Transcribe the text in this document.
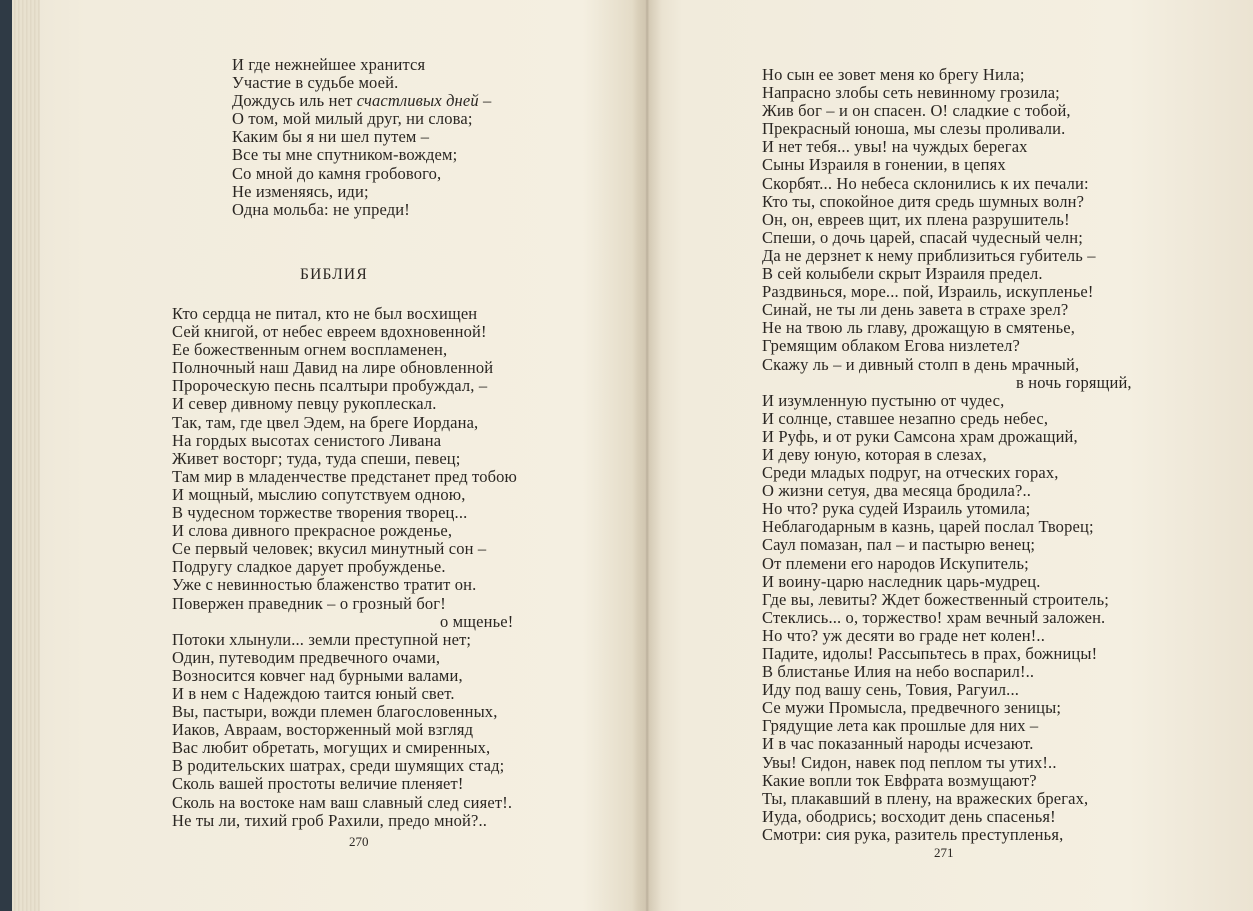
И где нежнейшее хранится
Участие в судьбе моей.
Дождусь иль нет счастливых дней –
О том, мой милый друг, ни слова;
Каким бы я ни шел путем –
Все ты мне спутником-вождем;
Со мной до камня гробового,
Не изменяясь, иди;
Одна мольба: не упреди!
БИБЛИЯ
Кто сердца не питал, кто не был восхищен
Сей книгой, от небес евреем вдохновенной!
Ее божественным огнем воспламенен,
Полночный наш Давид на лире обновленной
Пророческую песнь псалтыри пробуждал, –
И север дивному певцу рукоплескал.
Так, там, где цвел Эдем, на бреге Иордана,
На гордых высотах сенистого Ливана
Живет восторг; туда, туда спеши, певец;
Там мир в младенчестве предстанет пред тобою
И мощный, мыслию сопутствуем одною,
В чудесном торжестве творения творец...
И слова дивного прекрасное рожденье,
Се первый человек; вкусил минутный сон –
Подругу сладкое дарует пробужденье.
Уже с невинностью блаженство тратит он.
Повержен праведник – о грозный бог!
о мщенье!
Потоки хлынули... земли преступной нет;
Один, путеводим предвечного очами,
Возносится ковчег над бурными валами,
И в нем с Надеждою таится юный свет.
Вы, пастыри, вожди племен благословенных,
Иаков, Авраам, восторженный мой взгляд
Вас любит обретать, могущих и смиренных,
В родительских шатрах, среди шумящих стад;
Сколь вашей простоты величие пленяет!
Сколь на востоке нам ваш славный след сияет!.
Не ты ли, тихий гроб Рахили, предо мной?..
270
Но сын ее зовет меня ко брегу Нила;
Напрасно злобы сеть невинному грозила;
Жив бог – и он спасен. О! сладкие с тобой,
Прекрасный юноша, мы слезы проливали.
И нет тебя... увы! на чуждых берегах
Сыны Израиля в гонении, в цепях
Скорбят... Но небеса склонились к их печали:
Кто ты, спокойное дитя средь шумных волн?
Он, он, евреев щит, их плена разрушитель!
Спеши, о дочь царей, спасай чудесный челн;
Да не дерзнет к нему приблизиться губитель –
В сей колыбели скрыт Израиля предел.
Раздвинься, море... пой, Израиль, искупленье!
Синай, не ты ли день завета в страхе зрел?
Не на твою ль главу, дрожащую в смятенье,
Гремящим облаком Егова низлетел?
Скажу ль – и дивный столп в день мрачный,
в ночь горящий,
И изумленную пустыню от чудес,
И солнце, ставшее незапно средь небес,
И Руфь, и от руки Самсона храм дрожащий,
И деву юную, которая в слезах,
Среди младых подруг, на отческих горах,
О жизни сетуя, два месяца бродила?..
Но что? рука судей Израиль утомила;
Неблагодарным в казнь, царей послал Творец;
Саул помазан, пал – и пастырю венец;
От племени его народов Искупитель;
И воину-царю наследник царь-мудрец.
Где вы, левиты? Ждет божественный строитель;
Стеклись... о, торжество! храм вечный заложен.
Но что? уж десяти во граде нет колен!..
Падите, идолы! Рассыпьтесь в прах, божницы!
В блистанье Илия на небо воспарил!..
Иду под вашу сень, Товия, Рагуил...
Се мужи Промысла, предвечного зеницы;
Грядущие лета как прошлые для них –
И в час показанный народы исчезают.
Увы! Сидон, навек под пеплом ты утих!..
Какие вопли ток Евфрата возмущают?
Ты, плакавший в плену, на вражеских брегах,
Иуда, ободрись; восходит день спасенья!
Смотри: сия рука, разитель преступленья,
271
